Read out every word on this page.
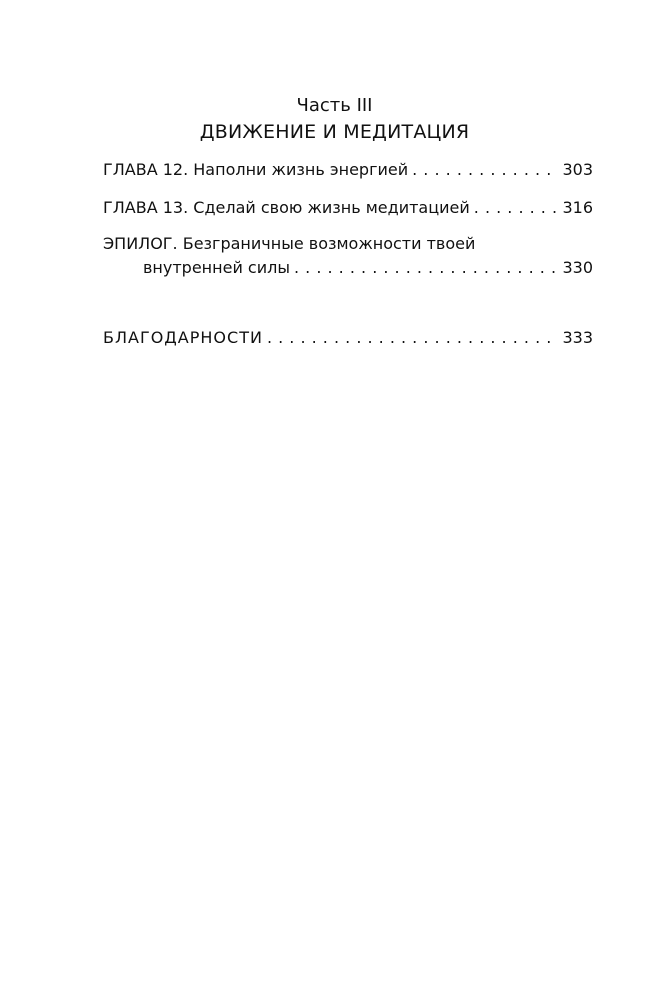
Часть III
ДВИЖЕНИЕ И МЕДИТАЦИЯ
ГЛАВА 12. Наполни жизнь энергией . . .	303
ГЛАВА 13. Сделай свою жизнь медитацией . . .	316
ЭПИЛОГ. Безграничные возможности твоей
внутренней силы . . .	330
БЛАГОДАРНОСТИ . . .	333
